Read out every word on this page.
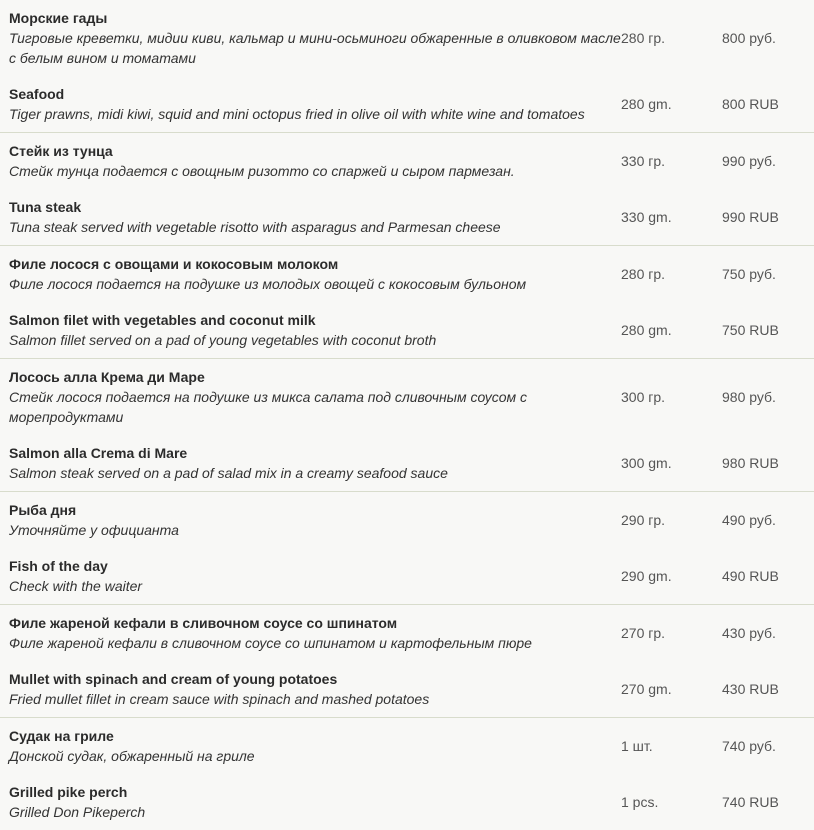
Морские гады
Тигровые креветки, мидии киви, кальмар и мини-осьминоги обжаренные в оливковом масле с белым вином и томатами
280 гр.	800 руб.
Seafood
Tiger prawns, midi kiwi, squid and mini octopus fried in olive oil with white wine and tomatoes
280 gm.	800 RUB
Стейк из тунца
Стейк тунца подается с овощным ризотто со спаржей и сыром пармезан.
330 гр.	990 руб.
Tuna steak
Tuna steak served with vegetable risotto with asparagus and Parmesan cheese
330 gm.	990 RUB
Филе лосося с овощами и кокосовым молоком
Филе лосося подается на подушке из молодых овощей с кокосовым бульоном
280 гр.	750 руб.
Salmon filet with vegetables and coconut milk
Salmon fillet served on a pad of young vegetables with coconut broth
280 gm.	750 RUB
Лосось алла Крема ди Маре
Стейк лосося подается на подушке из микса салата под сливочным соусом с морепродуктами
300 гр.	980 руб.
Salmon alla Crema di Mare
Salmon steak served on a pad of salad mix in a creamy seafood sauce
300 gm.	980 RUB
Рыба дня
Уточняйте у официанта
290 гр.	490 руб.
Fish of the day
Check with the waiter
290 gm.	490 RUB
Филе жареной кефали в сливочном соусе со шпинатом
Филе жареной кефали в сливочном соусе со шпинатом и картофельным пюре
270 гр.	430 руб.
Mullet with spinach and cream of young potatoes
Fried mullet fillet in cream sauce with spinach and mashed potatoes
270 gm.	430 RUB
Судак на гриле
Донской судак, обжаренный на гриле
1 шт.	740 руб.
Grilled pike perch
Grilled Don Pikeperch
1 pcs.	740 RUB
